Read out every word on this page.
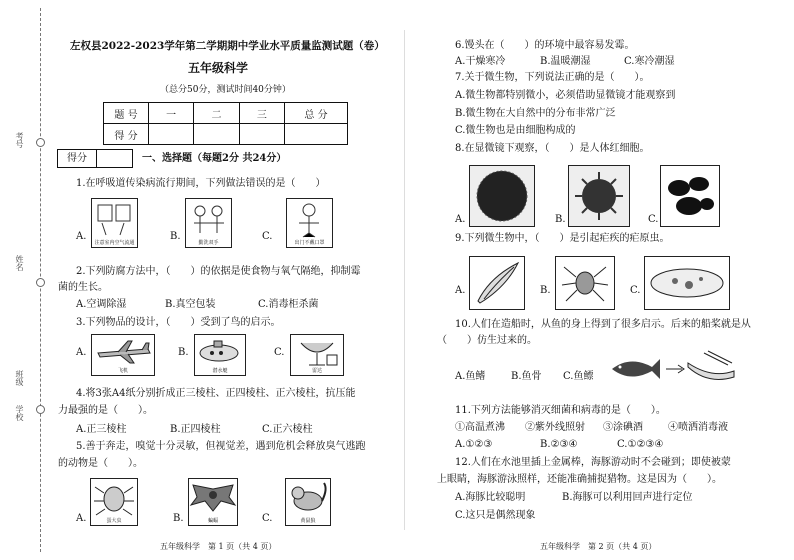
考号
姓名
班级
学校
左权县2022-2023学年第二学期期中学业水平质量监测试题（卷）
五年级科学
（总分50分，测试时间40分钟）
题 号	一	二	三	总 分
得 分				
得分	一、选择题（每题2分 共24分）
1.在呼吸道传染病流行期间，下列做法错误的是（　　）
A.
注意室内空气流通
B.
勤洗双手
C.
出门不戴口罩
2.下列防腐方法中，（　　）的依据是使食物与氧气隔绝，抑制霉
菌的生长。
A.空调除湿	B.真空包装	C.消毒柜杀菌
3.下列物品的设计，（　　）受到了鸟的启示。
A.
飞机
B.
潜水艇
C.
雷达
4.将3张A4纸分别折成正三棱柱、正四棱柱、正六棱柱，抗压能
力最强的是（　　）。
A.正三棱柱	B.正四棱柱	C.正六棱柱
5.善于奔走，嗅觉十分灵敏，但视觉差，遇到危机会释放臭气逃跑
的动物是（　　）。
A.	蛋大虫	B.	蝙蝠	C.	黄鼠狼
五年级科学　第 1 页（共 4 页）
6.馒头在（　　）的环境中最容易发霉。
A.干燥寒冷	B.温暖潮湿	C.寒冷潮湿
7.关于微生物，下列说法正确的是（　　）。
A.微生物都特别微小，必须借助显微镜才能观察到
B.微生物在大自然中的分布非常广泛
C.微生物也是由细胞构成的
8.在显微镜下观察，（　　）是人体红细胞。
A.	B.	C.
9.下列微生物中，（　　）是引起疟疾的疟原虫。
A.	B.	C.
10.人们在造船时，从鱼的身上得到了很多启示。后来的船桨就是从
（　　）仿生过来的。
A.鱼鳍	B.鱼骨 C.鱼鳔
11.下列方法能够消灭细菌和病毒的是（　　）。
①高温煮沸 ②紫外线照射 ③涂碘酒	④喷洒消毒液
A.①②③	B.②③④	C.①②③④
12.人们在水池里插上金属棒，海豚游动时不会碰到；即使被蒙
上眼睛，海豚游泳照样，还能准确捕捉猎物。这是因为（　　）。
A.海豚比较聪明	B.海豚可以利用回声进行定位
C.这只是偶然现象
五年级科学　第 2 页（共 4 页）
